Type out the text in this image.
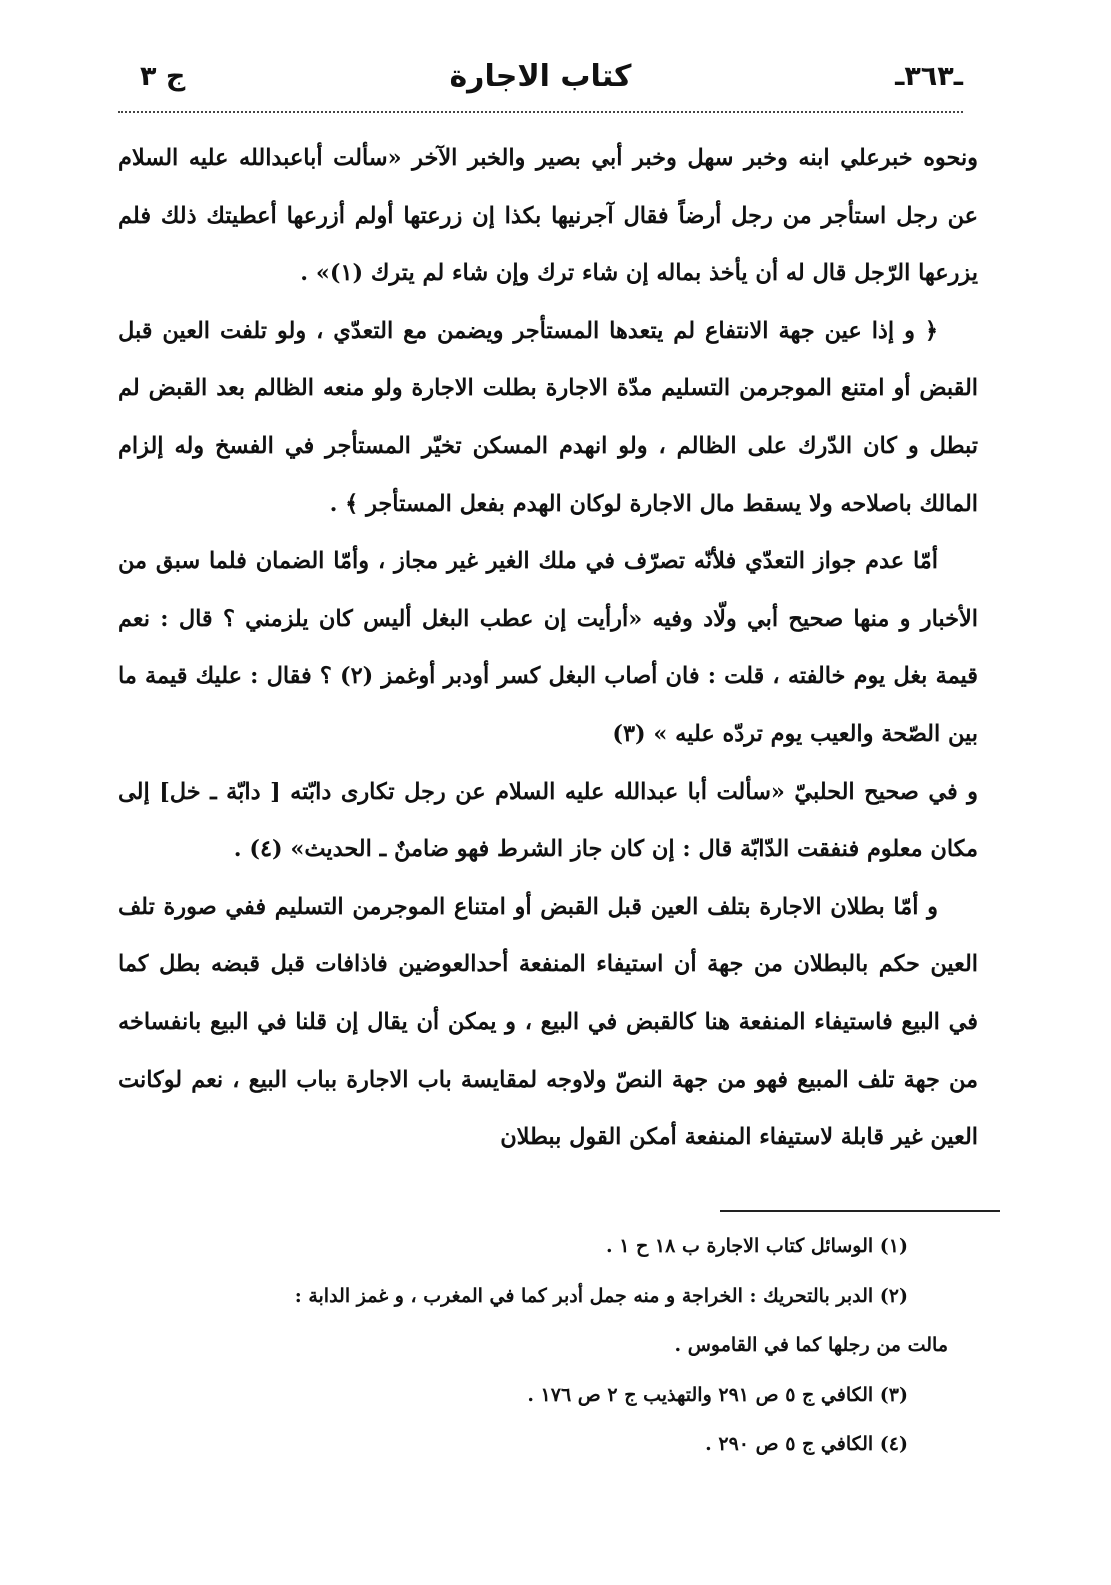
ـ٣٦٣ـ
كتاب الاجارة
ج ٣

ونحوه خبرعلي ابنه وخبر سهل وخبر أبي بصير والخبر الآخر «سألت أباعبدالله عليه السلام عن رجل استأجر من رجل أرضاً فقال آجرنيها بكذا إن زرعتها أولم أزرعها أعطيتك ذلك فلم يزرعها الرّجل قال له أن يأخذ بماله إن شاء ترك وإن شاء لم يترك (١)» .

﴿ و إذا عين جهة الانتفاع لم يتعدها المستأجر ويضمن مع التعدّي ، ولو تلفت العين قبل القبض أو امتنع الموجرمن التسليم مدّة الاجارة بطلت الاجارة ولو منعه الظالم بعد القبض لم تبطل و كان الدّرك على الظالم ، ولو انهدم المسكن تخيّر المستأجر في الفسخ وله إلزام المالك باصلاحه ولا يسقط مال الاجارة لوكان الهدم بفعل المستأجر ﴾ .

أمّا عدم جواز التعدّي فلأنّه تصرّف في ملك الغير غير مجاز ، وأمّا الضمان فلما سبق من الأخبار و منها صحيح أبي ولّاد وفيه «أرأيت إن عطب البغل أليس كان يلزمني ؟ قال : نعم قيمة بغل يوم خالفته ، قلت : فان أصاب البغل كسر أودبر أوغمز (٢) ؟ فقال : عليك قيمة ما بين الصّحة والعيب يوم تردّه عليه » (٣)

و في صحيح الحلبيّ «سألت أبا عبدالله عليه السلام عن رجل تكارى دابّته [ دابّة ـ خل] إلى مكان معلوم فنفقت الدّابّة قال : إن كان جاز الشرط فهو ضامنٌ ـ الحديث» (٤) .

و أمّا بطلان الاجارة بتلف العين قبل القبض أو امتناع الموجرمن التسليم ففي صورة تلف العين حكم بالبطلان من جهة أن استيفاء المنفعة أحدالعوضين فاذافات قبل قبضه بطل كما في البيع فاستيفاء المنفعة هنا كالقبض في البيع ، و يمكن أن يقال إن قلنا في البيع بانفساخه من جهة تلف المبيع فهو من جهة النصّ ولاوجه لمقايسة باب الاجارة بباب البيع ، نعم لوكانت العين غير قابلة لاستيفاء المنفعة أمكن القول ببطلان

(١) الوسائل كتاب الاجارة ب ١٨ ح ١ .

(٢) الدبر بالتحريك : الخراجة و منه جمل أدبر كما في المغرب ، و غمز الدابة :

مالت من رجلها كما في القاموس .

(٣) الكافي ج ٥ ص ٢٩١ والتهذيب ج ٢ ص ١٧٦ .

(٤) الكافي ج ٥ ص ٢٩٠ .
